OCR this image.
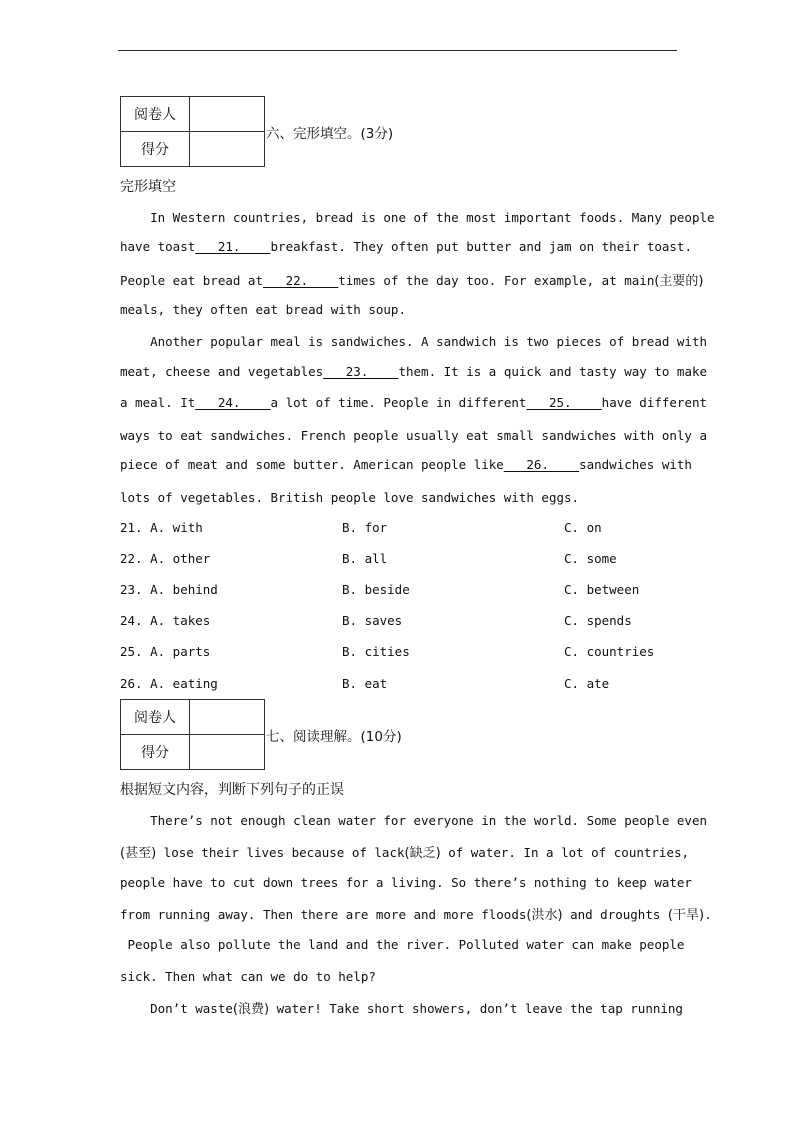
阅卷人	
得分	
六、完形填空。(3分)
完形填空
In Western countries, bread is one of the most important foods. Many people
have toast   21.    breakfast. They often put butter and jam on their toast.
People eat bread at   22.    times of the day too. For example, at main(主要的)
meals, they often eat bread with soup.
Another popular meal is sandwiches. A sandwich is two pieces of bread with
meat, cheese and vegetables   23.    them. It is a quick and tasty way to make
a meal. It   24.    a lot of time. People in different   25.    have different
ways to eat sandwiches. French people usually eat small sandwiches with only a
piece of meat and some butter. American people like   26.    sandwiches with
lots of vegetables. British people love sandwiches with eggs.
21. A. with	B. for	C. on
22. A. other	B. all	C. some
23. A. behind	B. beside	C. between
24. A. takes	B. saves	C. spends
25. A. parts	B. cities	C. countries
26. A. eating	B. eat	C. ate
阅卷人	
得分	
七、阅读理解。(10分)
根据短文内容，判断下列句子的正误
There’s not enough clean water for everyone in the world. Some people even
(甚至) lose their lives because of lack(缺乏) of water. In a lot of countries,
people have to cut down trees for a living. So there’s nothing to keep water
from running away. Then there are more and more floods(洪水) and droughts (干旱).
People also pollute the land and the river. Polluted water can make people
sick. Then what can we do to help?
Don’t waste(浪费) water! Take short showers, don’t leave the tap running
